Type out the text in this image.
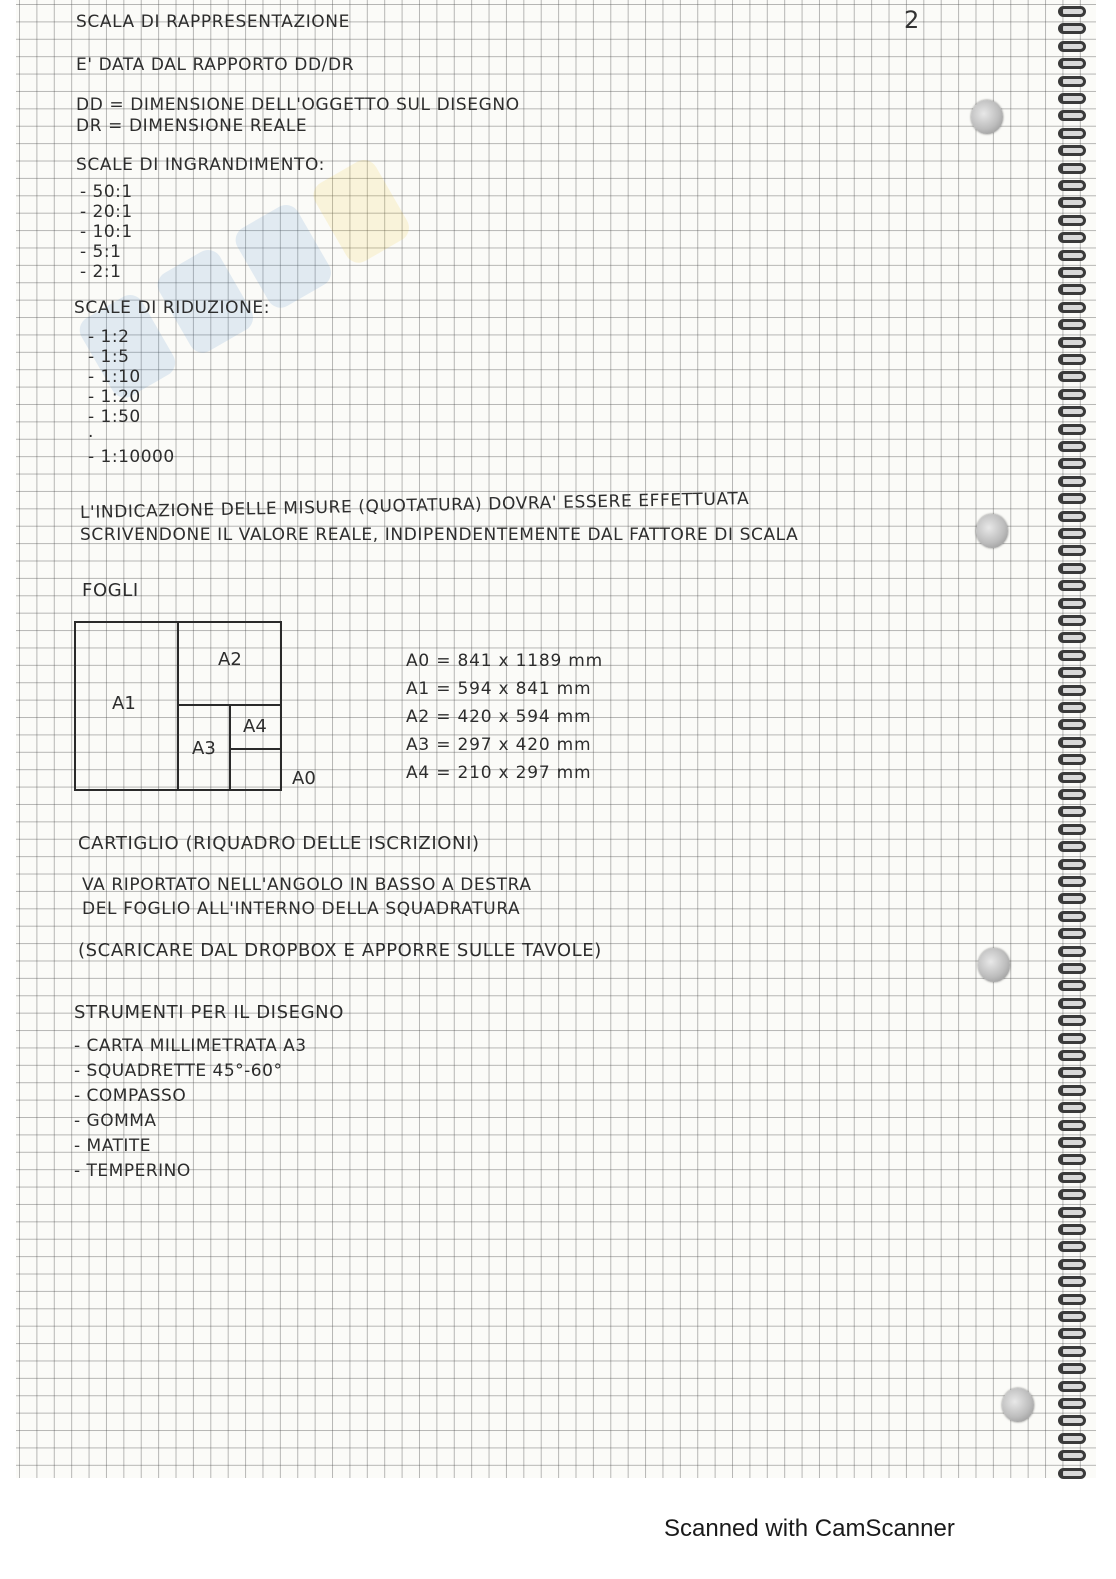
2

SCALA DI RAPPRESENTAZIONE

E' DATA DAL RAPPORTO DD/DR

DD = DIMENSIONE DELL'OGGETTO SUL DISEGNO

DR = DIMENSIONE REALE

SCALE DI INGRANDIMENTO:

- 50:1
- 20:1
- 10:1
- 5:1
- 2:1

SCALE DI RIDUZIONE:

- 1:2
- 1:5
- 1:10
- 1:20
- 1:50
·
- 1:10000

L'INDICAZIONE DELLE MISURE (QUOTATURA) DOVRA' ESSERE EFFETTUATA

SCRIVENDONE IL VALORE REALE, INDIPENDENTEMENTE DAL FATTORE DI SCALA

FOGLI

A1
A2
A3
A4
A0
A0 = 841 x 1189 mm
A1 = 594 x 841 mm
A2 = 420 x 594 mm
A3 = 297 x 420 mm
A4 = 210 x 297 mm

CARTIGLIO (RIQUADRO DELLE ISCRIZIONI)

VA RIPORTATO NELL'ANGOLO IN BASSO A DESTRA

DEL FOGLIO ALL'INTERNO DELLA SQUADRATURA

(SCARICARE DAL DROPBOX E APPORRE SULLE TAVOLE)

STRUMENTI PER IL DISEGNO

- CARTA MILLIMETRATA A3
- SQUADRETTE 45°-60°
- COMPASSO
- GOMMA
- MATITE
- TEMPERINO
Scanned with CamScanner
